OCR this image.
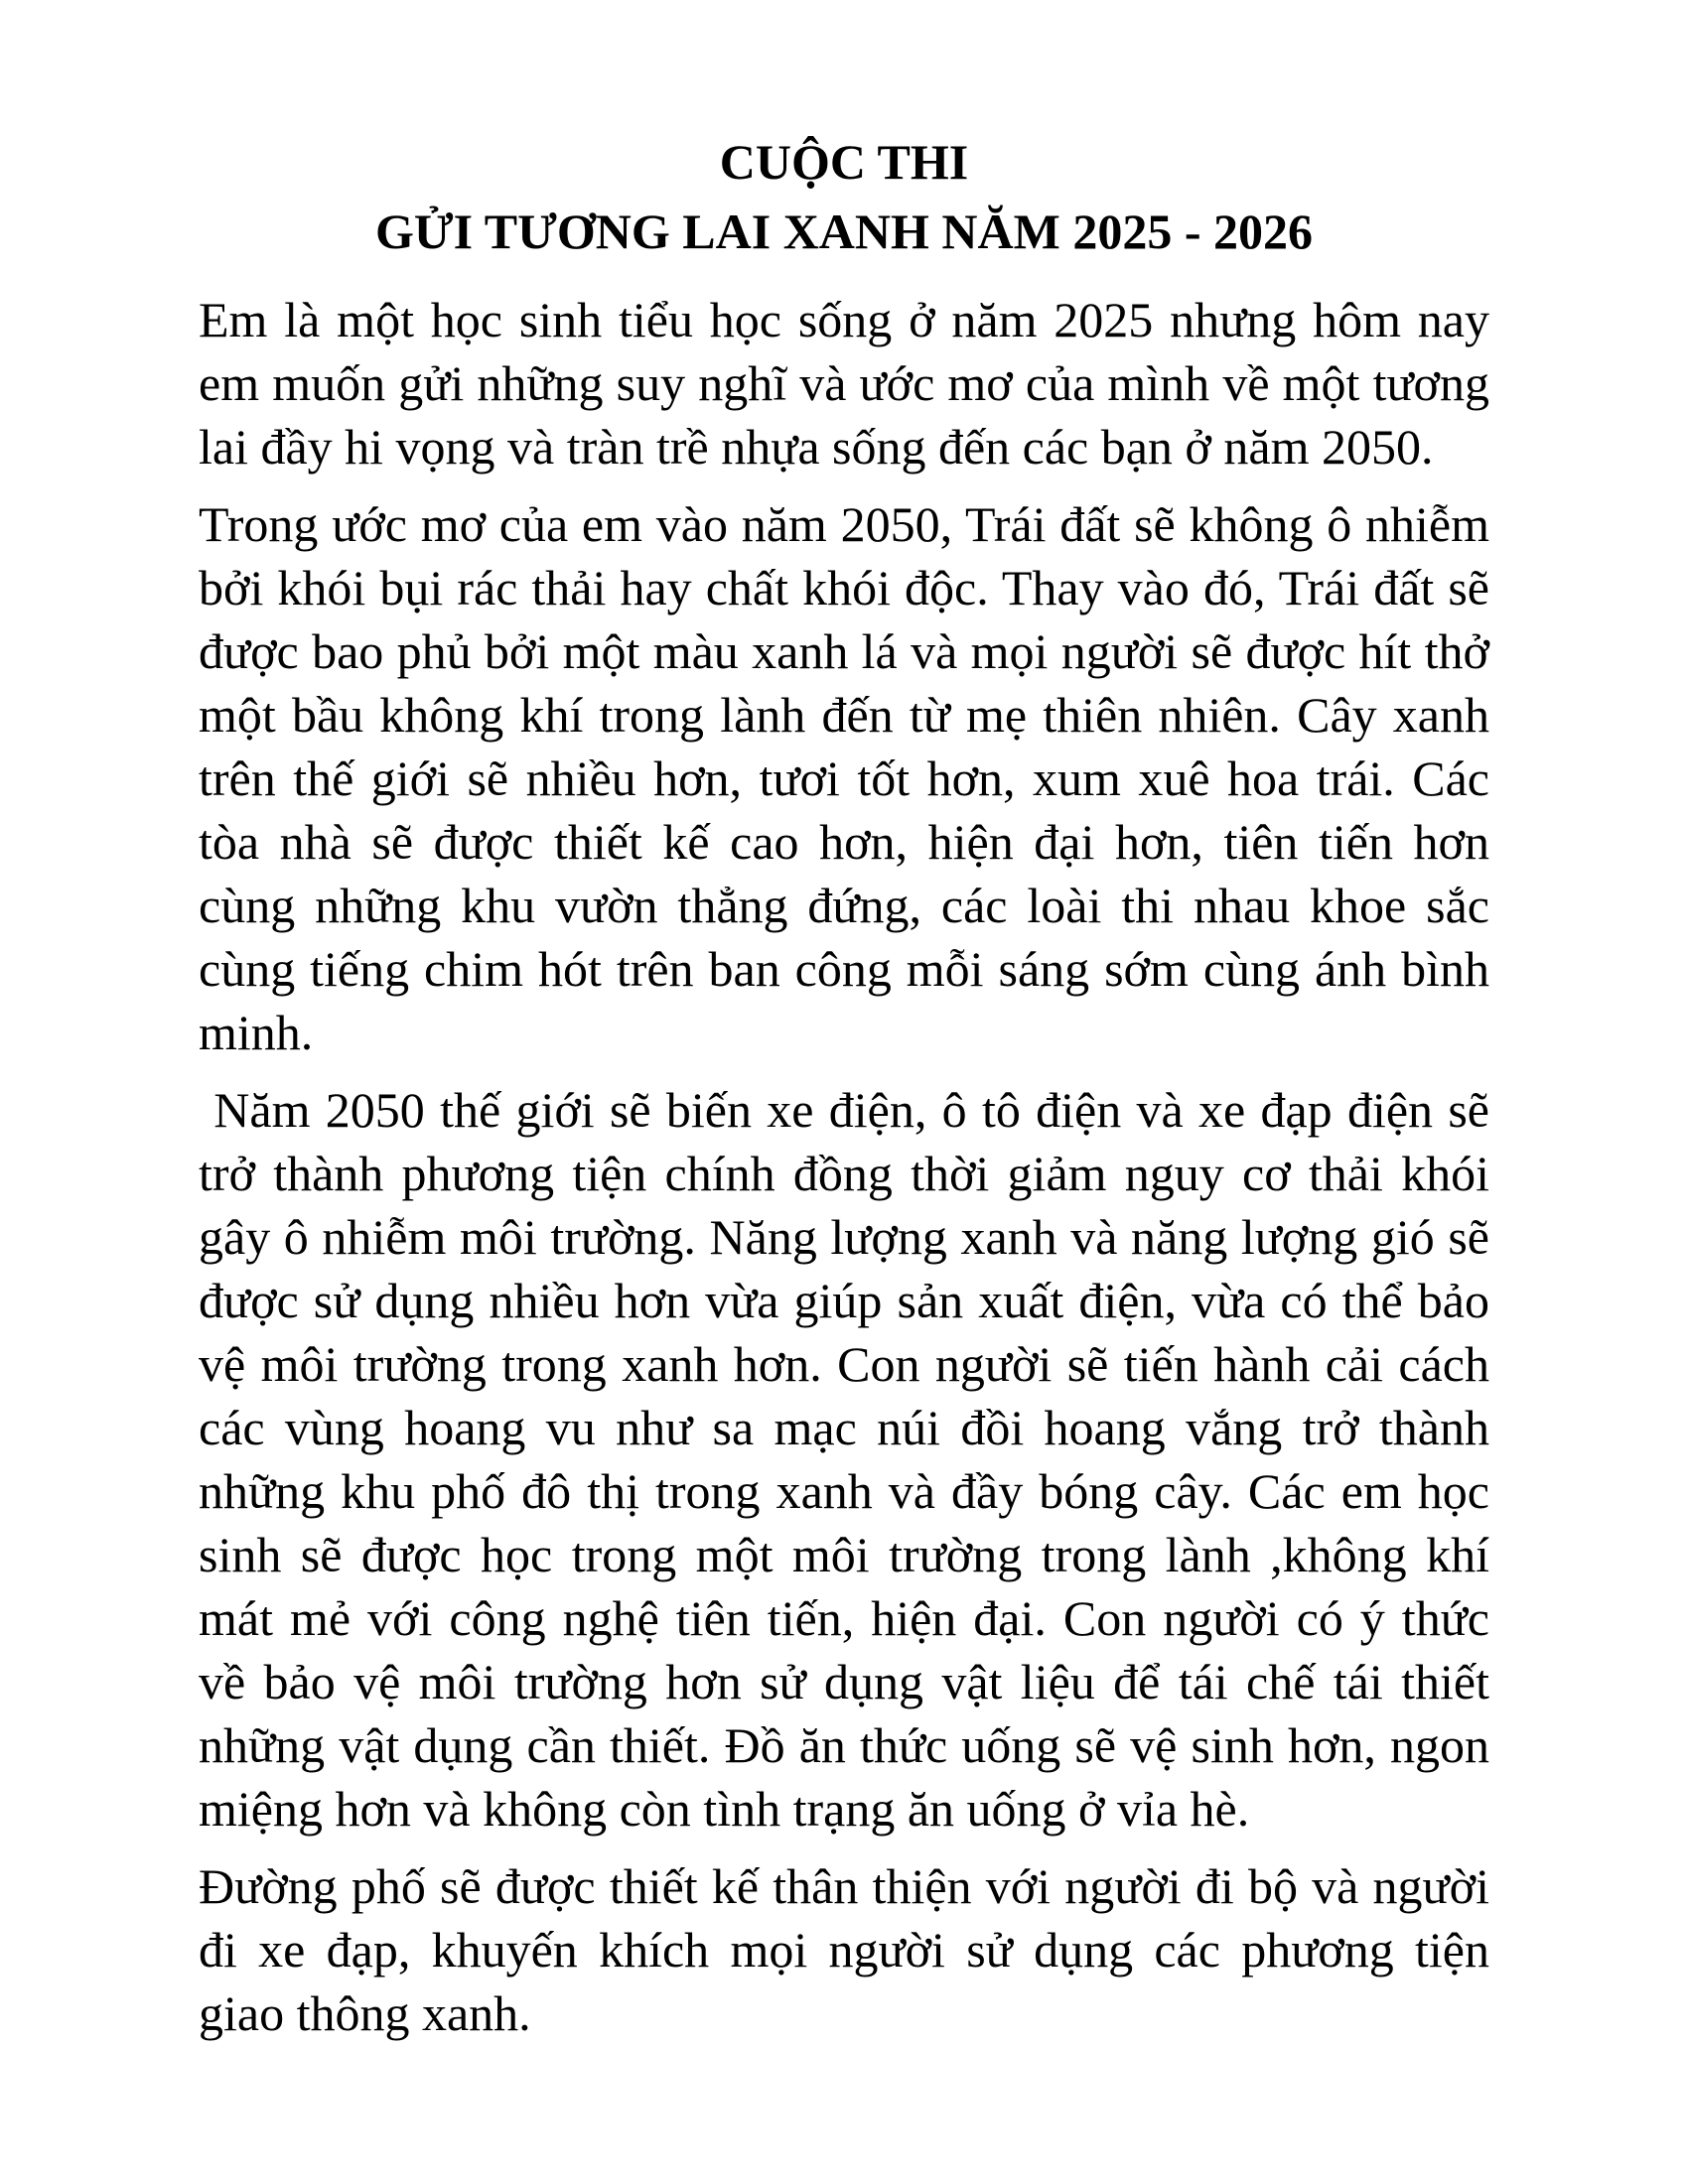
CUỘC THI
GỬI TƯƠNG LAI XANH NĂM 2025 - 2026

Em là một học sinh tiểu học sống ở năm 2025 nhưng hôm nay em muốn gửi những suy nghĩ và ước mơ của mình về một tương lai đầy hi vọng và tràn trề nhựa sống đến các bạn ở năm 2050.

Trong ước mơ của em vào năm 2050, Trái đất sẽ không ô nhiễm bởi khói bụi rác thải hay chất khói độc. Thay vào đó, Trái đất sẽ được bao phủ bởi một màu xanh lá và mọi người sẽ được hít thở một bầu không khí trong lành đến từ mẹ thiên nhiên. Cây xanh trên thế giới sẽ nhiều hơn, tươi tốt hơn, xum xuê hoa trái. Các tòa nhà sẽ được thiết kế cao hơn, hiện đại hơn, tiên tiến hơn cùng những khu vườn thẳng đứng, các loài thi nhau khoe sắc cùng tiếng chim hót trên ban công mỗi sáng sớm cùng ánh bình minh.

Năm 2050 thế giới sẽ biến xe điện, ô tô điện và xe đạp điện sẽ trở thành phương tiện chính đồng thời giảm nguy cơ thải khói gây ô nhiễm môi trường. Năng lượng xanh và năng lượng gió sẽ được sử dụng nhiều hơn vừa giúp sản xuất điện, vừa có thể bảo vệ môi trường trong xanh hơn. Con người sẽ tiến hành cải cách các vùng hoang vu như sa mạc núi đồi hoang vắng trở thành những khu phố đô thị trong xanh và đầy bóng cây. Các em học sinh sẽ được học trong một môi trường trong lành ,không khí mát mẻ với công nghệ tiên tiến, hiện đại. Con người có ý thức về bảo vệ môi trường hơn sử dụng vật liệu để tái chế tái thiết những vật dụng cần thiết. Đồ ăn thức uống sẽ vệ sinh hơn, ngon miệng hơn và không còn tình trạng ăn uống ở vỉa hè.

Đường phố sẽ được thiết kế thân thiện với người đi bộ và người đi xe đạp, khuyến khích mọi người sử dụng các phương tiện giao thông xanh.
